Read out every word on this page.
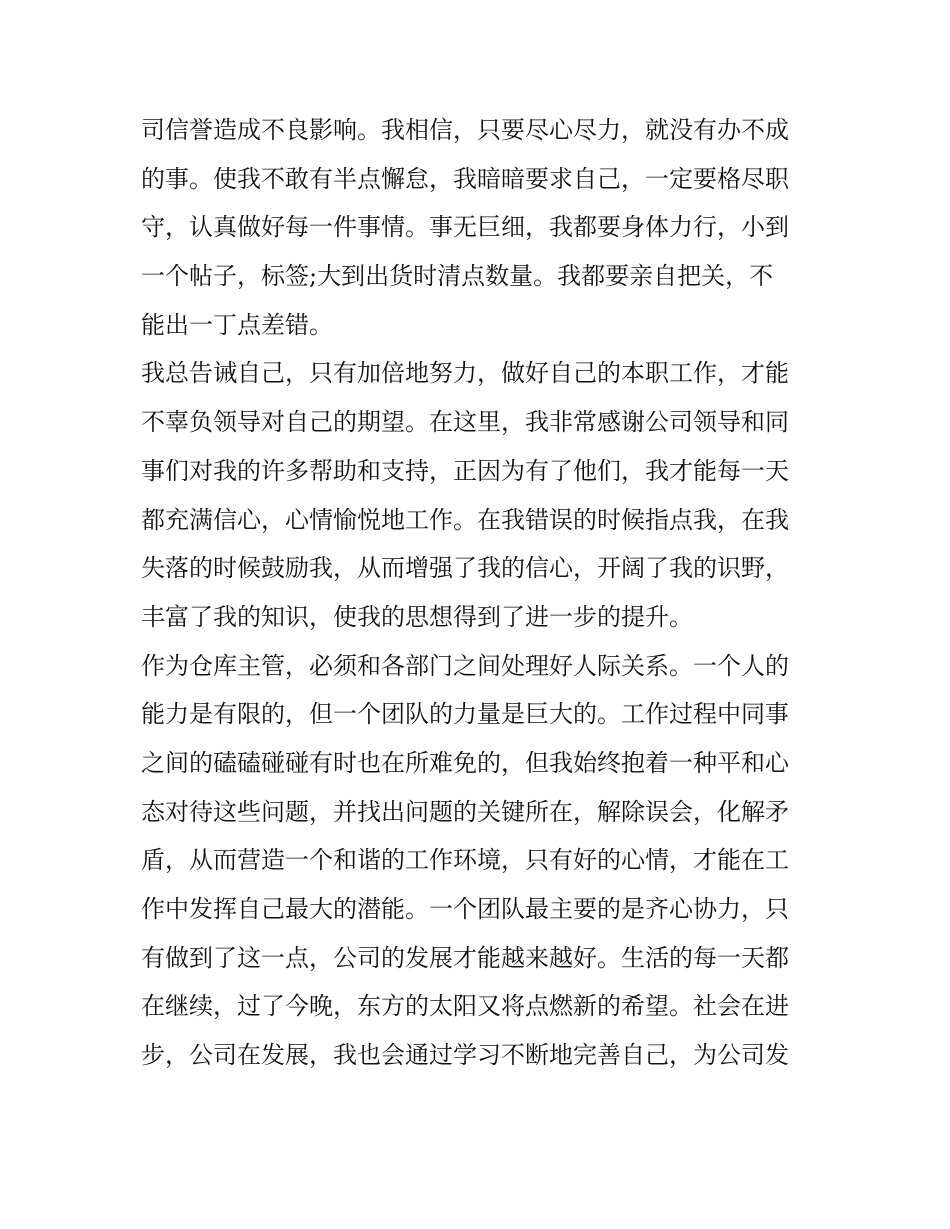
司信誉造成不良影响。我相信，只要尽心尽力，就没有办不成
的事。使我不敢有半点懈怠，我暗暗要求自己，一定要格尽职
守，认真做好每一件事情。事无巨细，我都要身体力行，小到
一个帖子，标签;大到出货时清点数量。我都要亲自把关，不
能出一丁点差错。
我总告诫自己，只有加倍地努力，做好自己的本职工作，才能
不辜负领导对自己的期望。在这里，我非常感谢公司领导和同
事们对我的许多帮助和支持，正因为有了他们，我才能每一天
都充满信心，心情愉悦地工作。在我错误的时候指点我，在我
失落的时候鼓励我，从而增强了我的信心，开阔了我的识野，
丰富了我的知识，使我的思想得到了进一步的提升。
作为仓库主管，必须和各部门之间处理好人际关系。一个人的
能力是有限的，但一个团队的力量是巨大的。工作过程中同事
之间的磕磕碰碰有时也在所难免的，但我始终抱着一种平和心
态对待这些问题，并找出问题的关键所在，解除误会，化解矛
盾，从而营造一个和谐的工作环境，只有好的心情，才能在工
作中发挥自己最大的潜能。一个团队最主要的是齐心协力，只
有做到了这一点，公司的发展才能越来越好。生活的每一天都
在继续，过了今晚，东方的太阳又将点燃新的希望。社会在进
步，公司在发展，我也会通过学习不断地完善自己，为公司发
